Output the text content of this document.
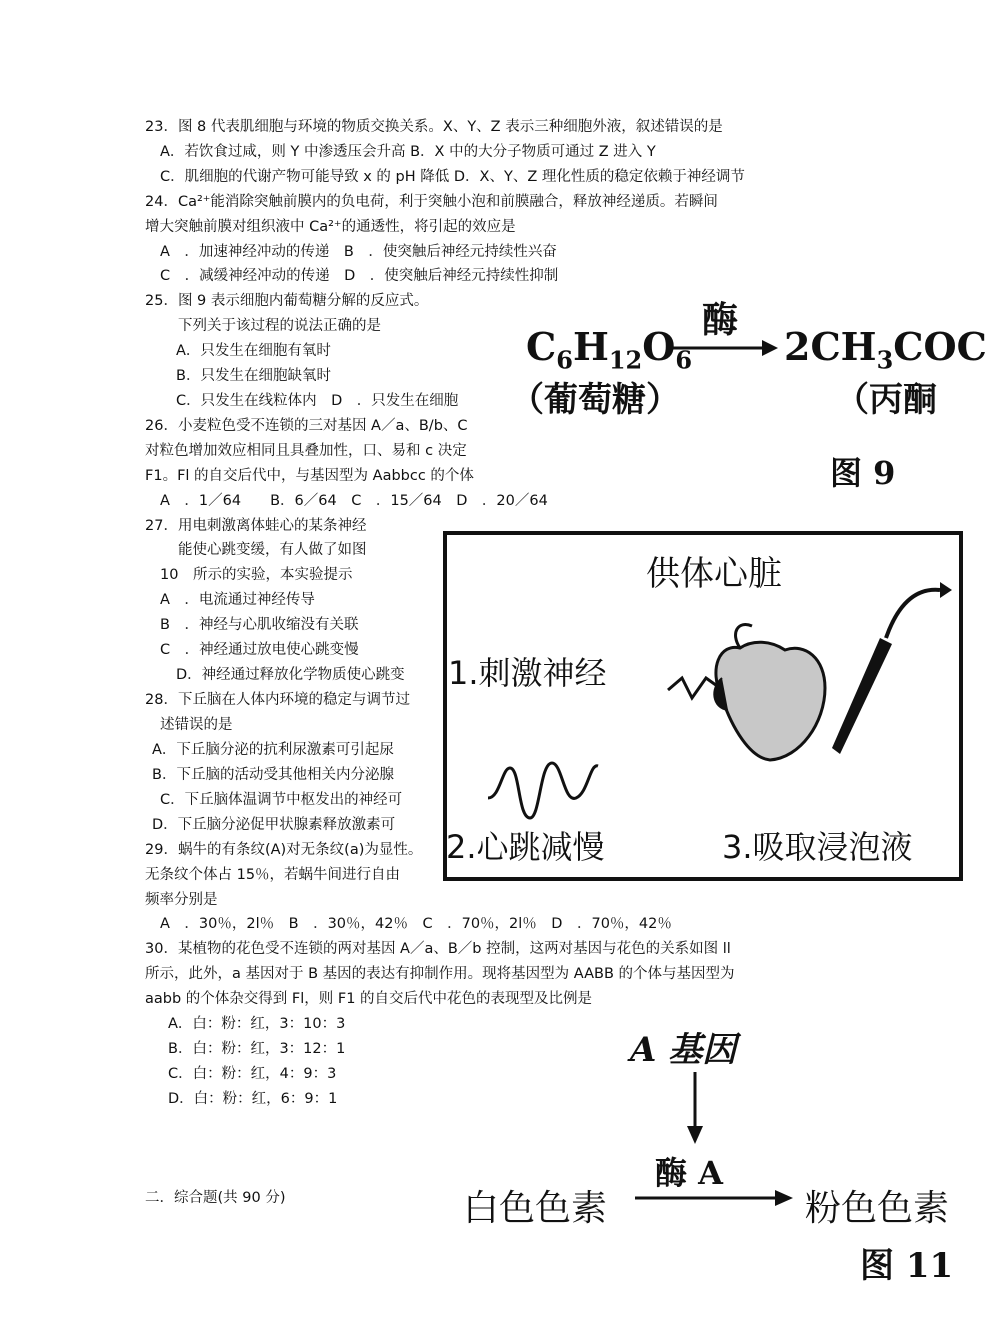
23．图 8 代表肌细胞与环境的物质交换关系。X、Y、Z 表示三种细胞外液，叙述错误的是
A．若饮食过咸，则 Y 中渗透压会升高 B．X 中的大分子物质可通过 Z 进入 Y
C．肌细胞的代谢产物可能导致 x 的 pH 降低 D．X、Y、Z 理化性质的稳定依赖于神经调节
24．Ca²⁺能消除突触前膜内的负电荷，利于突触小泡和前膜融合，释放神经递质。若瞬间
增大突触前膜对组织液中 Ca²⁺的通透性，将引起的效应是
A　．加速神经冲动的传递　B　．使突触后神经元持续性兴奋
C　．减缓神经冲动的传递　D　．使突触后神经元持续性抑制
25．图 9 表示细胞内葡萄糖分解的反应式。
下列关于该过程的说法正确的是
A．只发生在细胞有氧时
B．只发生在细胞缺氧时
C．只发生在线粒体内　D　．只发生在细胞
26．小麦粒色受不连锁的三对基因 A／a、B/b、C
对粒色增加效应相同且具叠加性，口、易和 c 决定
F1。Fl 的自交后代中，与基因型为 Aabbcc 的个体
A　．1／64　　B．6／64　C　．15／64　D　．20／64
27．用电刺激离体蛙心的某条神经
能使心跳变缓，有人做了如图
10　所示的实验，本实验提示
A　．电流通过神经传导
B　．神经与心肌收缩没有关联
C　．神经通过放电使心跳变慢
D．神经通过释放化学物质使心跳变
28．下丘脑在人体内环境的稳定与调节过
述错误的是
A．下丘脑分泌的抗利尿激素可引起尿
B．下丘脑的活动受其他相关内分泌腺
C．下丘脑体温调节中枢发出的神经可
D．下丘脑分泌促甲状腺素释放激素可
29．蜗牛的有条纹(A)对无条纹(a)为显性。
无条纹个体占 15％，若蜗牛间进行自由
频率分别是
A　．30％，2l％　B　．30％，42％　C　．70％，2l％　D　．70％，42％
30．某植物的花色受不连锁的两对基因 A／a、B／b 控制，这两对基因与花色的关系如图 ll
所示，此外，a 基因对于 B 基因的表达有抑制作用。现将基因型为 AABB 的个体与基因型为
aabb 的个体杂交得到 Fl，则 F1 的自交后代中花色的表现型及比例是
A．白：粉：红，3：10：3
B．白：粉：红，3：12：1
C．白：粉：红，4：9：3
D．白：粉：红，6：9：1
二．综合题(共 90 分)
酶
$C_6H_{12}O_6$
（葡萄糖）
$2CH_3COC$
（丙酮
图 9
供体心脏
1.刺激神经
2.心跳减慢	3.吸取浸泡液
A 基因
酶 A
白色色素	粉色色素
图 11
